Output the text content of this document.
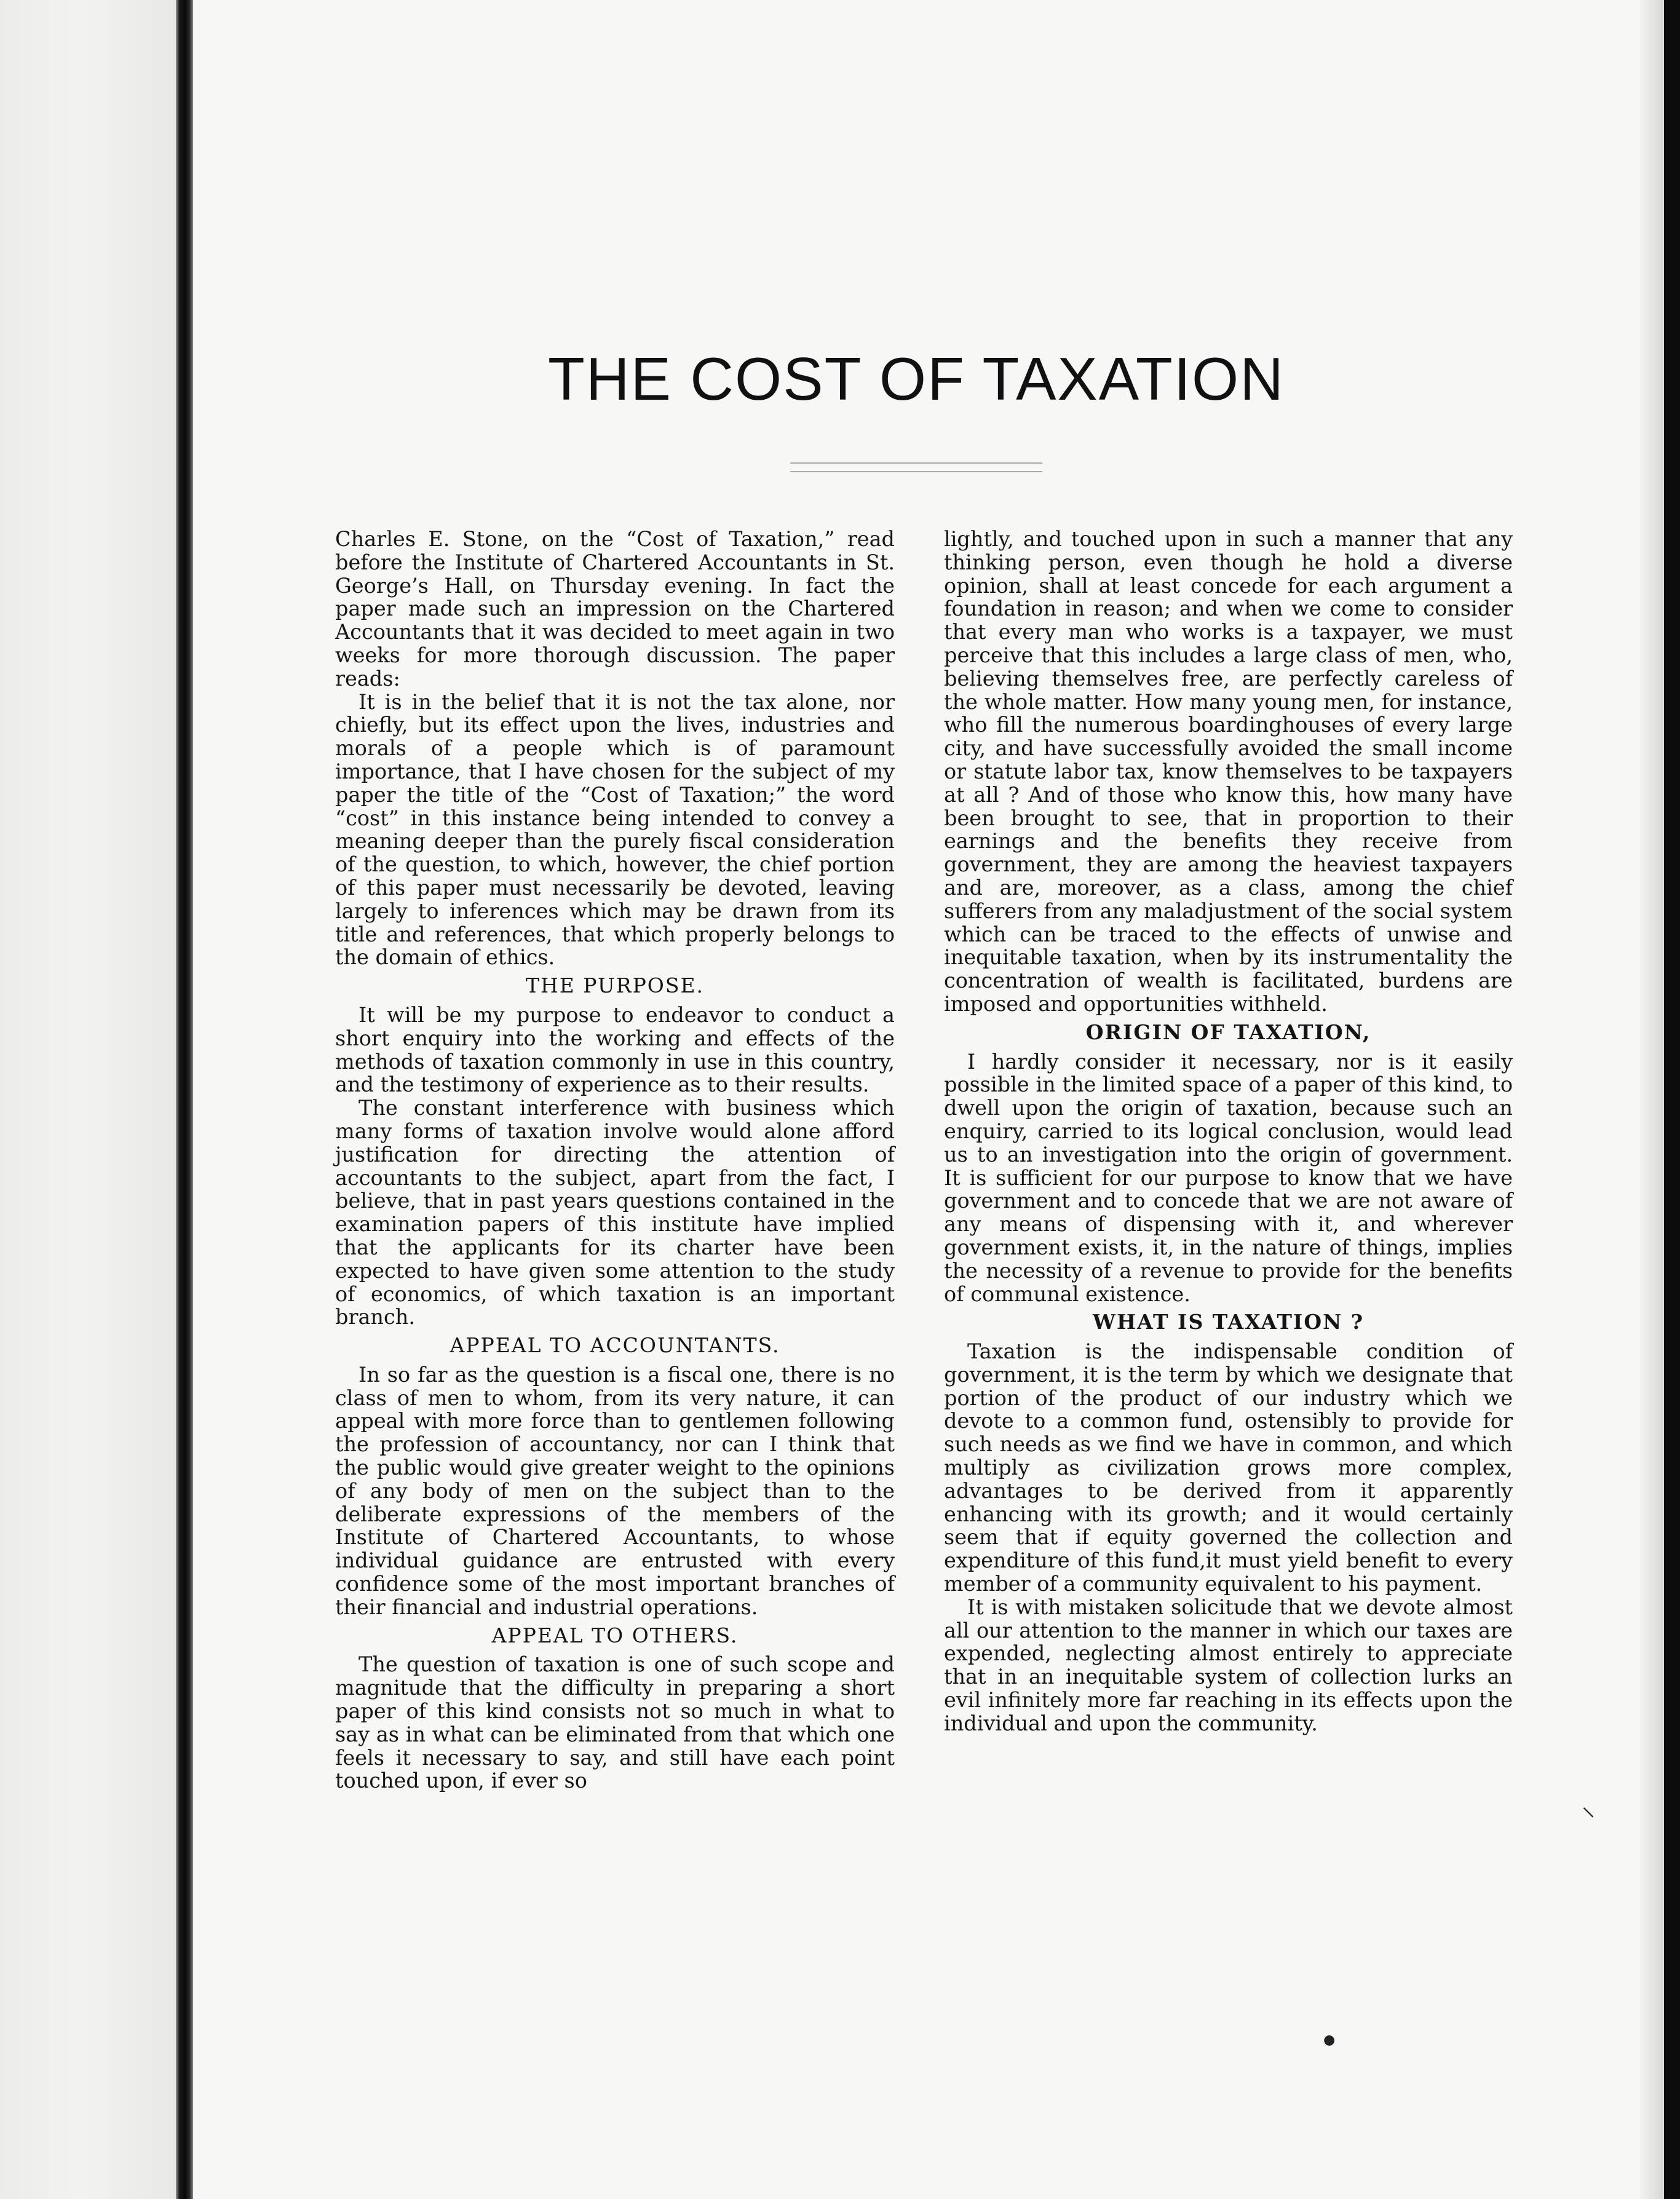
THE COST OF TAXATION

Charles E. Stone, on the “Cost of Taxation,” read before the Institute of Chartered Accountants in St. George’s Hall, on Thursday evening. In fact the paper made such an impression on the Chartered Accountants that it was decided to meet again in two weeks for more thorough discussion. The paper reads:

It is in the belief that it is not the tax alone, nor chiefly, but its effect upon the lives, industries and morals of a people which is of paramount importance, that I have chosen for the subject of my paper the title of the “Cost of Taxation;” the word “cost” in this instance being intended to convey a meaning deeper than the purely fiscal consideration of the question, to which, however, the chief portion of this paper must necessarily be devoted, leaving largely to inferences which may be drawn from its title and references, that which properly belongs to the domain of ethics.

THE PURPOSE.

It will be my purpose to endeavor to conduct a short enquiry into the working and effects of the methods of taxation commonly in use in this country, and the testimony of experience as to their results.

The constant interference with business which many forms of taxation involve would alone afford justification for directing the attention of accountants to the subject, apart from the fact, I believe, that in past years questions contained in the examination papers of this institute have implied that the applicants for its charter have been expected to have given some attention to the study of economics, of which taxation is an important branch.

APPEAL TO ACCOUNTANTS.

In so far as the question is a fiscal one, there is no class of men to whom, from its very nature, it can appeal with more force than to gentlemen following the profession of accountancy, nor can I think that the public would give greater weight to the opinions of any body of men on the subject than to the deliberate expressions of the members of the Institute of Chartered Accountants, to whose individual guidance are entrusted with every confidence some of the most important branches of their financial and industrial operations.

APPEAL TO OTHERS.

The question of taxation is one of such scope and magnitude that the difficulty in preparing a short paper of this kind consists not so much in what to say as in what can be eliminated from that which one feels it necessary to say, and still have each point touched upon, if ever so

lightly, and touched upon in such a manner that any thinking person, even though he hold a diverse opinion, shall at least concede for each argument a foundation in reason; and when we come to consider that every man who works is a taxpayer, we must perceive that this includes a large class of men, who, believing themselves free, are perfectly careless of the whole matter. How many young men, for instance, who fill the numerous boardinghouses of every large city, and have successfully avoided the small income or statute labor tax, know themselves to be taxpayers at all ? And of those who know this, how many have been brought to see, that in proportion to their earnings and the benefits they receive from government, they are among the heaviest taxpayers and are, moreover, as a class, among the chief sufferers from any maladjustment of the social system which can be traced to the effects of unwise and inequitable taxation, when by its instrumentality the concentration of wealth is facilitated, burdens are imposed and opportunities withheld.

ORIGIN OF TAXATION,

I hardly consider it necessary, nor is it easily possible in the limited space of a paper of this kind, to dwell upon the origin of taxation, because such an enquiry, carried to its logical conclusion, would lead us to an investigation into the origin of government. It is sufficient for our purpose to know that we have government and to concede that we are not aware of any means of dispensing with it, and wherever government exists, it, in the nature of things, implies the necessity of a revenue to provide for the benefits of communal existence.

WHAT IS TAXATION ?

Taxation is the indispensable condition of government, it is the term by which we designate that portion of the product of our industry which we devote to a common fund, ostensibly to provide for such needs as we find we have in common, and which multiply as civilization grows more complex, advantages to be derived from it apparently enhancing with its growth; and it would certainly seem that if equity governed the collection and expenditure of this fund,it must yield benefit to every member of a community equivalent to his payment.

It is with mistaken solicitude that we devote almost all our attention to the manner in which our taxes are expended, neglecting almost entirely to appreciate that in an inequitable system of collection lurks an evil infinitely more far reaching in its effects upon the individual and upon the community.

⸜
●
